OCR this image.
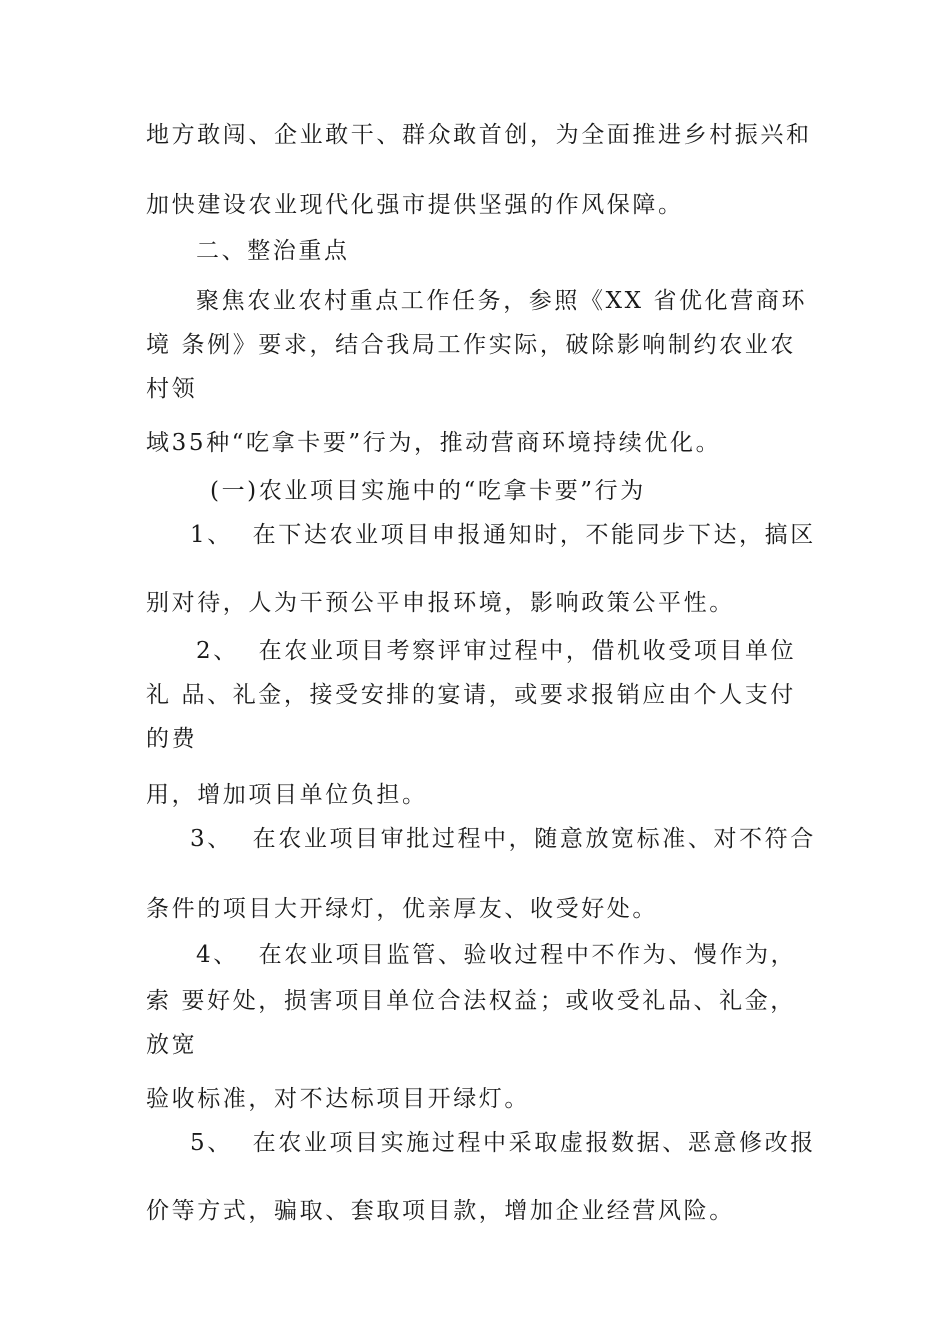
地方敢闯、企业敢干、群众敢首创，为全面推进乡村振兴和
加快建设农业现代化强市提供坚强的作风保障。
二、整治重点
聚焦农业农村重点工作任务，参照《XX 省优化营商环
境 条例》要求，结合我局工作实际，破除影响制约农业农
村领
域35种“吃拿卡要”行为，推动营商环境持续优化。
(一)农业项目实施中的“吃拿卡要”行为
1、  在下达农业项目申报通知时，不能同步下达，搞区
别对待，人为干预公平申报环境，影响政策公平性。
2、  在农业项目考察评审过程中，借机收受项目单位
礼 品、礼金，接受安排的宴请，或要求报销应由个人支付
的费
用，增加项目单位负担。
3、  在农业项目审批过程中，随意放宽标准、对不符合
条件的项目大开绿灯，优亲厚友、收受好处。
4、  在农业项目监管、验收过程中不作为、慢作为，
索 要好处，损害项目单位合法权益；或收受礼品、礼金，
放宽
验收标准，对不达标项目开绿灯。
5、  在农业项目实施过程中采取虚报数据、恶意修改报
价等方式，骗取、套取项目款，增加企业经营风险。
